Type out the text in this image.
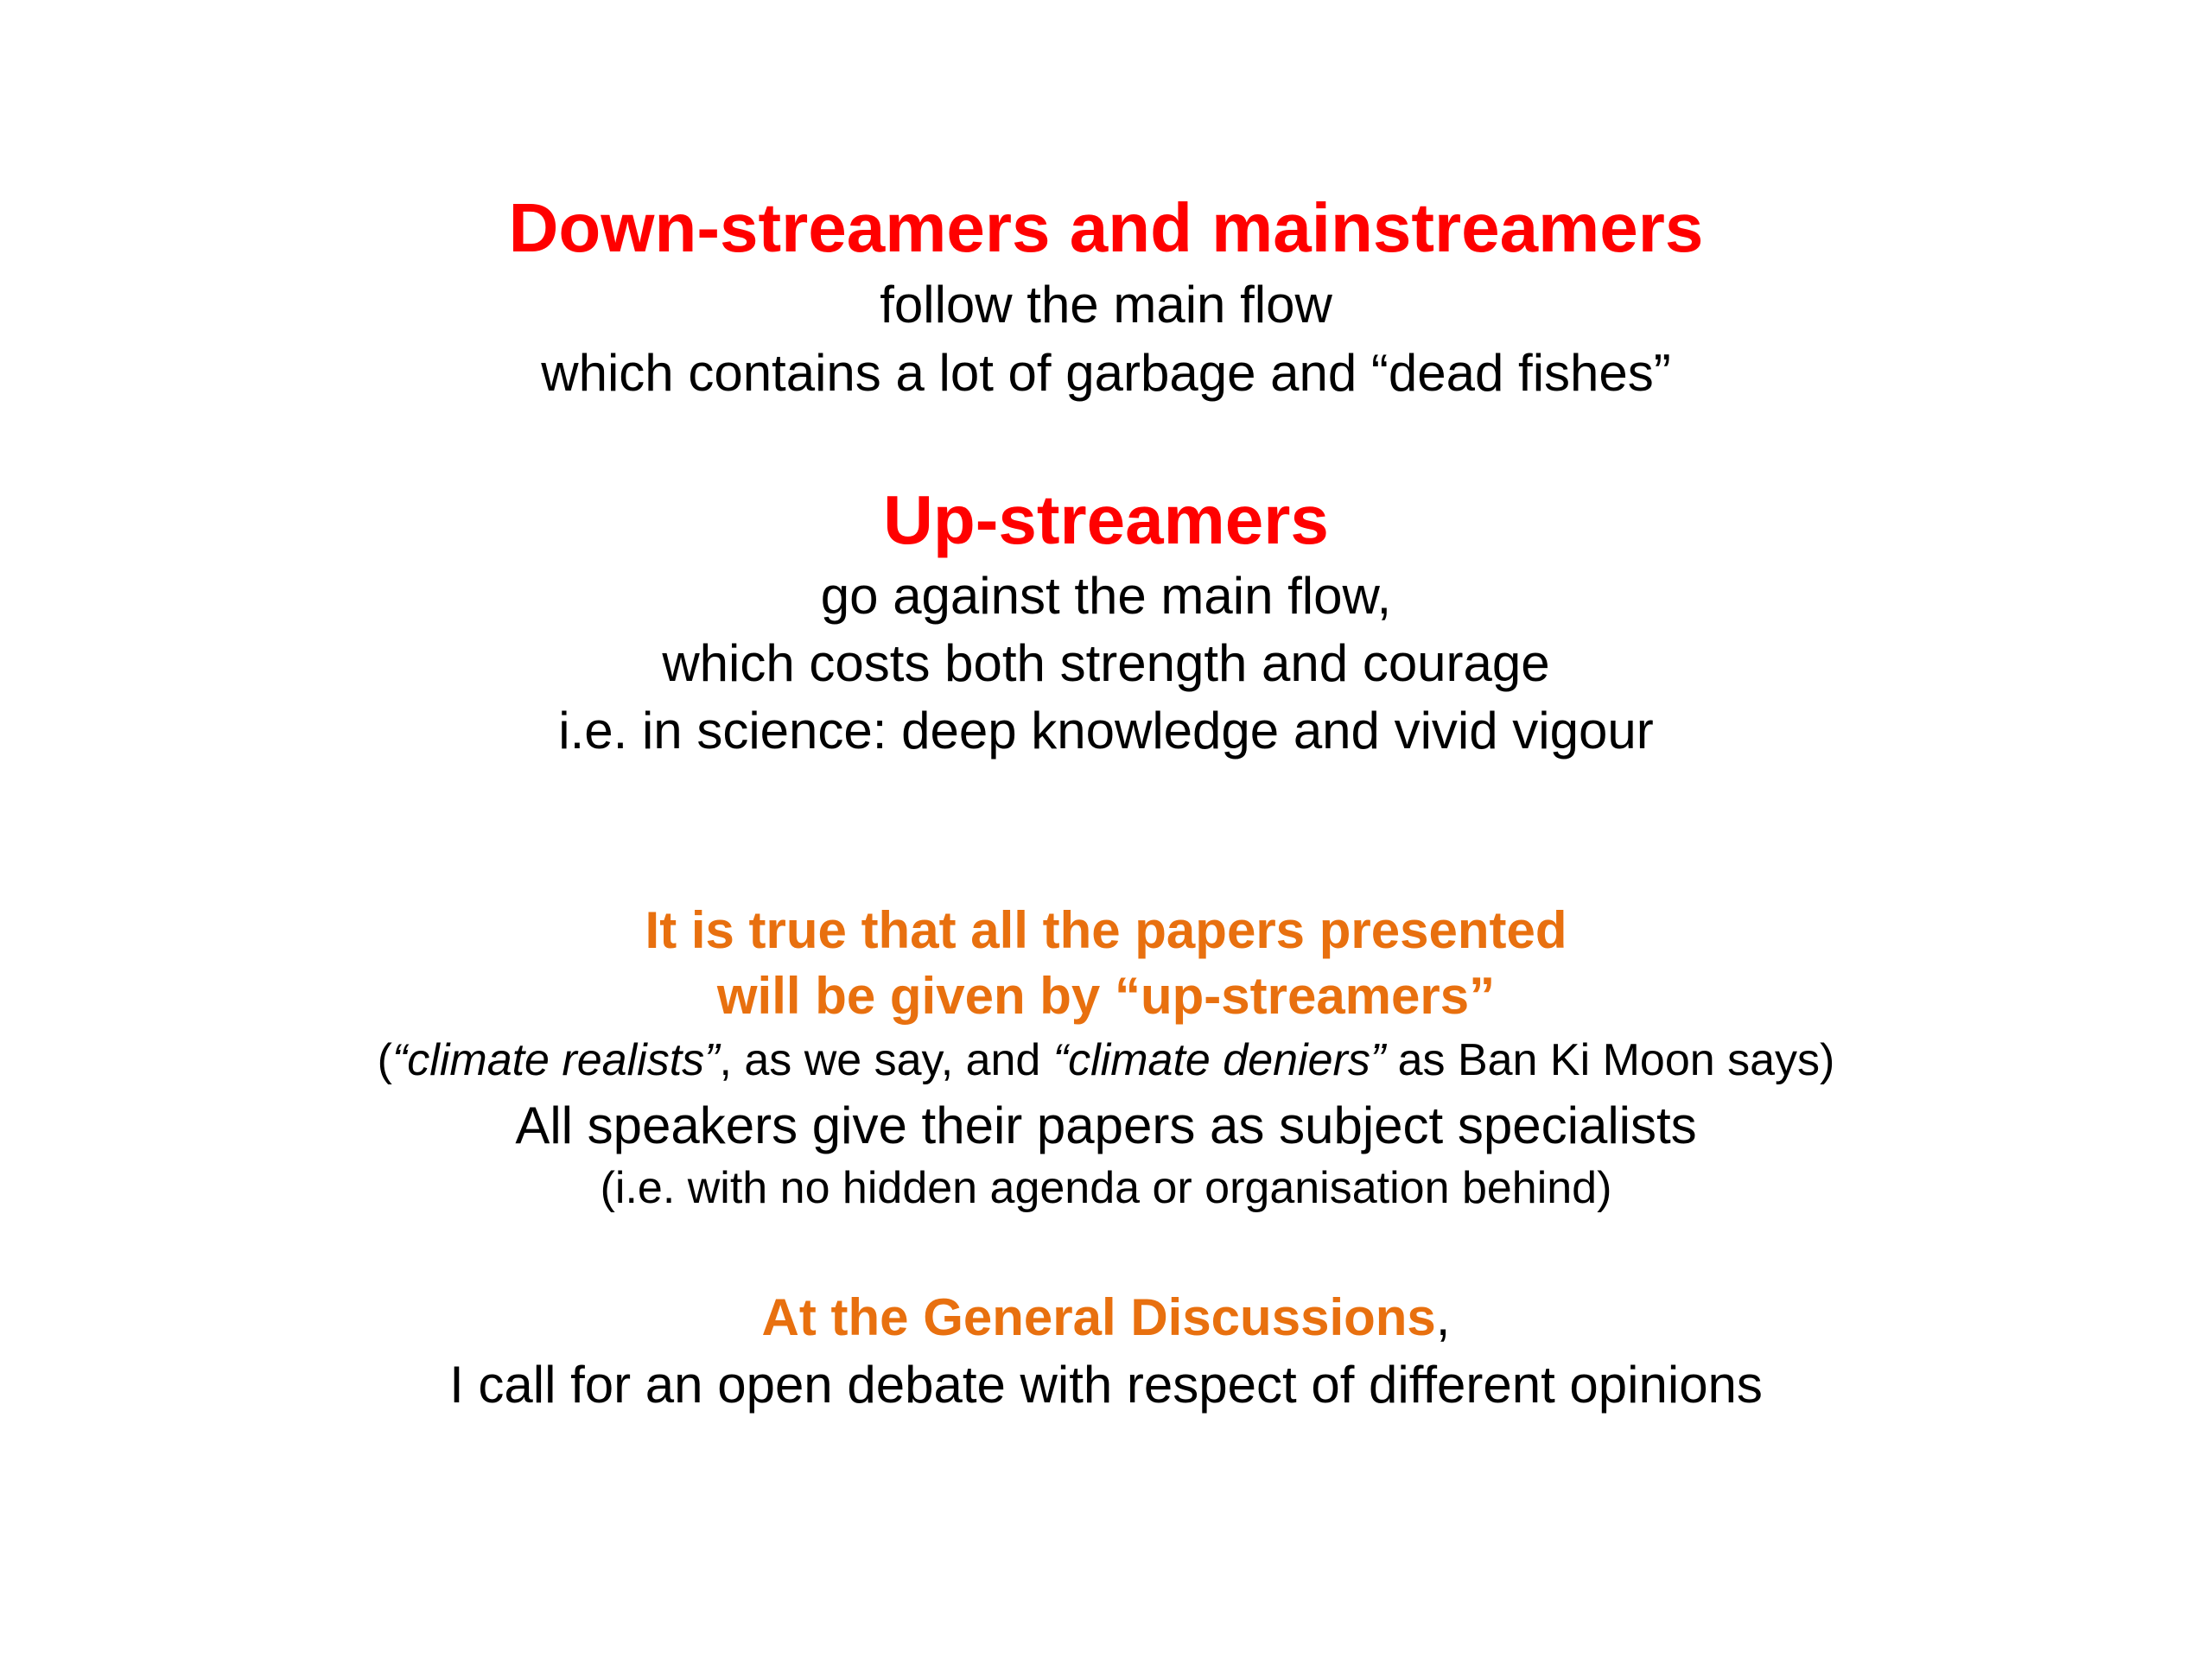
Down-streamers and mainstreamers
follow the main flow
which contains a lot of garbage and “dead fishes”
Up-streamers
go against the main flow,
which costs both strength and courage
i.e. in science: deep knowledge and vivid vigour
It is true that all the papers presented
will be given by “up-streamers”
(“climate realists”, as we say, and “climate deniers” as Ban Ki Moon says)
All speakers give their papers as subject specialists
(i.e. with no hidden agenda or organisation behind)
At the General Discussions,
I call for an open debate with respect of different opinions
